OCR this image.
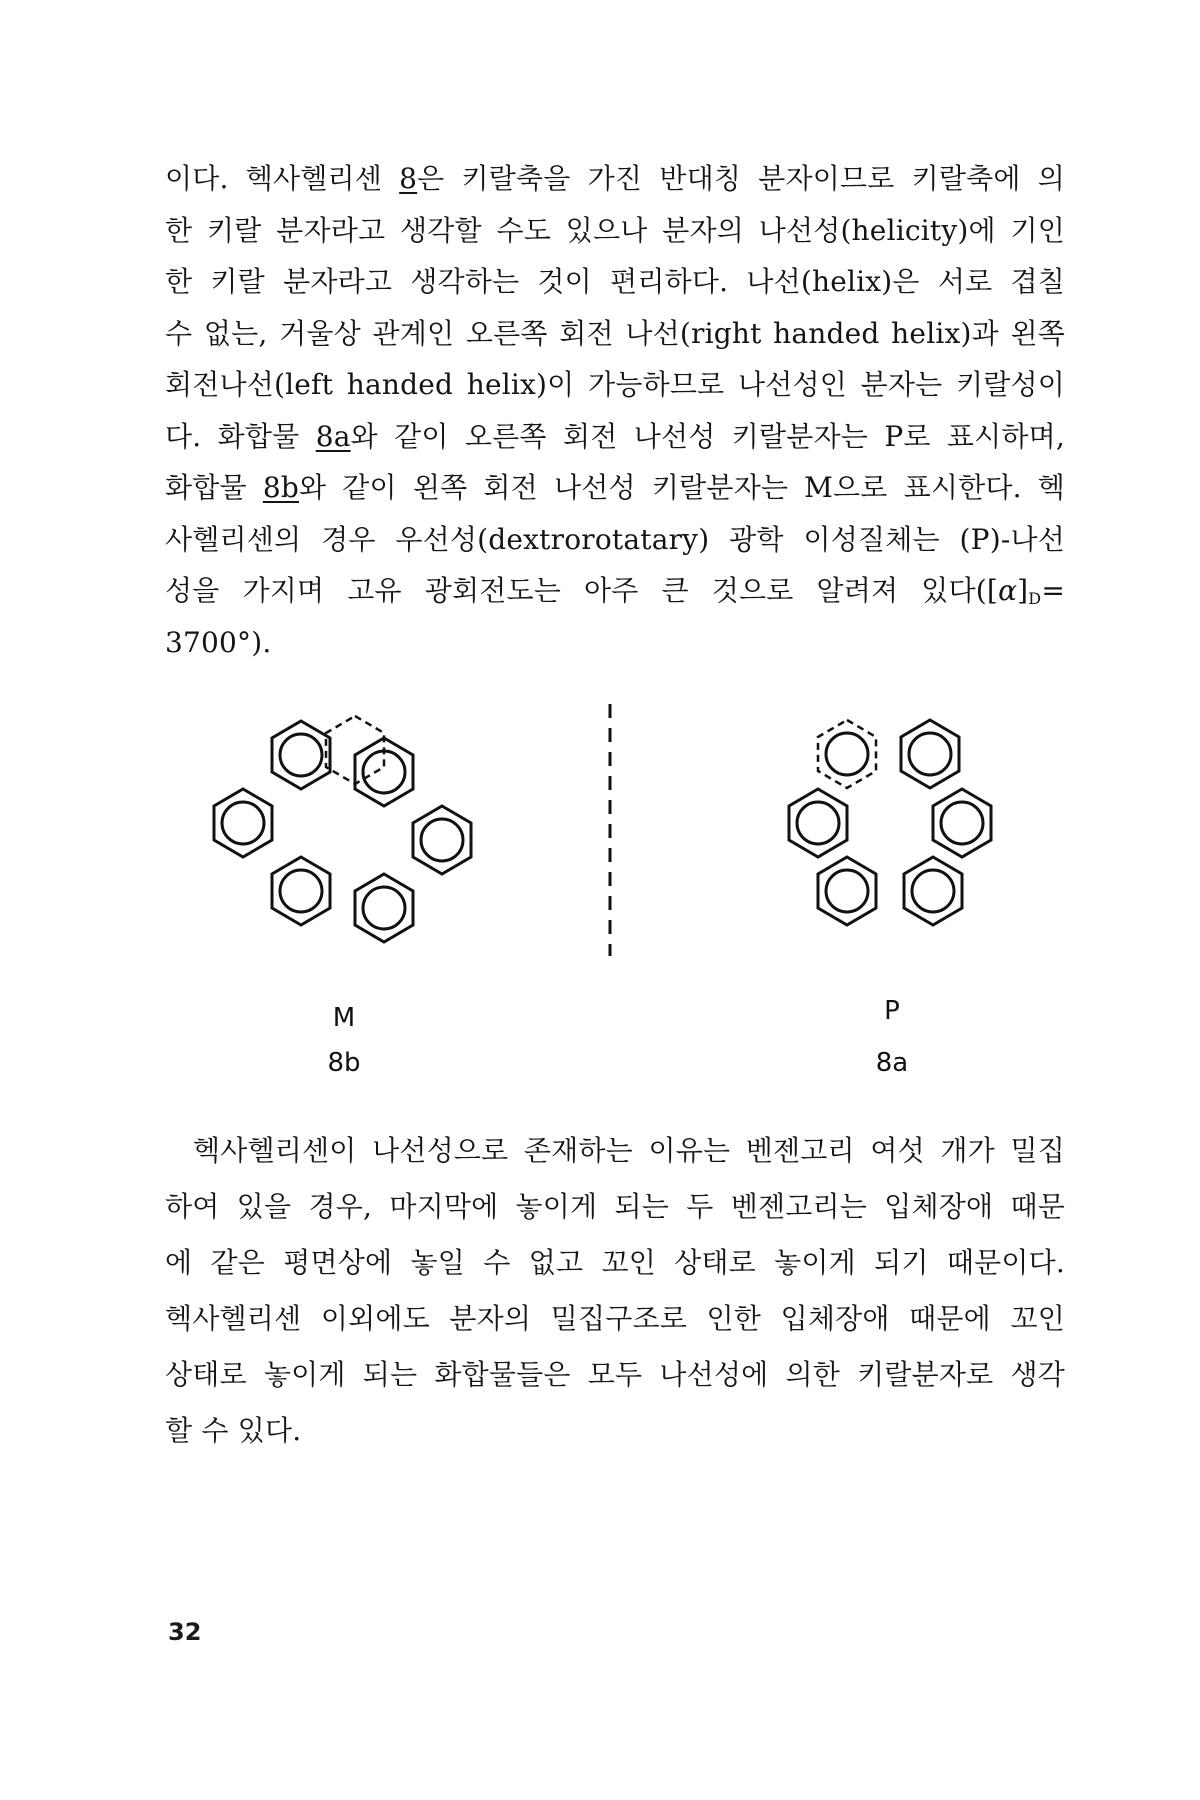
이다. 헥사헬리센 8은 키랄축을 가진 반대칭 분자이므로 키랄축에 의
한 키랄 분자라고 생각할 수도 있으나 분자의 나선성(helicity)에 기인
한 키랄 분자라고 생각하는 것이 편리하다. 나선(helix)은 서로 겹칠
수 없는, 거울상 관계인 오른쪽 회전 나선(right handed helix)과 왼쪽
회전나선(left handed helix)이 가능하므로 나선성인 분자는 키랄성이
다. 화합물 8a와 같이 오른쪽 회전 나선성 키랄분자는 P로 표시하며,
화합물 8b와 같이 왼쪽 회전 나선성 키랄분자는 M으로 표시한다. 헥
사헬리센의 경우 우선성(dextrorotatary) 광학 이성질체는 (P)-나선
성을 가지며 고유 광회전도는 아주 큰 것으로 알려져 있다($[\alpha]_D=$
3700°).
M
8b
P
8a
헥사헬리센이 나선성으로 존재하는 이유는 벤젠고리 여섯 개가 밀집
하여 있을 경우, 마지막에 놓이게 되는 두 벤젠고리는 입체장애 때문
에 같은 평면상에 놓일 수 없고 꼬인 상태로 놓이게 되기 때문이다.
헥사헬리센 이외에도 분자의 밀집구조로 인한 입체장애 때문에 꼬인
상태로 놓이게 되는 화합물들은 모두 나선성에 의한 키랄분자로 생각
할 수 있다.
32
